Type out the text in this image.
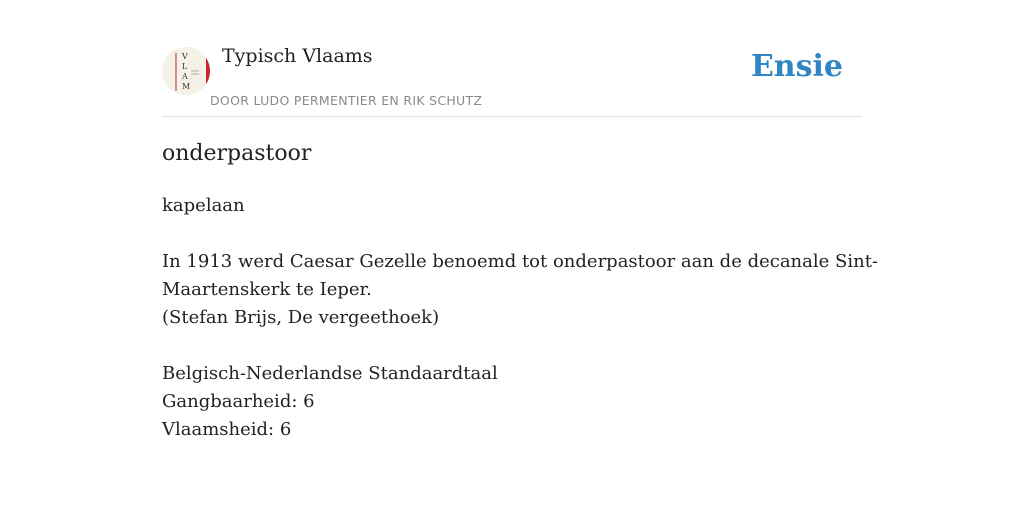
V
L
A
M
Typisch Vlaams
DOOR LUDO PERMENTIER EN RIK SCHUTZ
Ensie
onderpastoor
kapelaan
In 1913 werd Caesar Gezelle benoemd tot onderpastoor aan de decanale Sint-
Maartenskerk te Ieper.
(Stefan Brijs, De vergeethoek)
Belgisch-Nederlandse Standaardtaal
Gangbaarheid: 6
Vlaamsheid: 6
